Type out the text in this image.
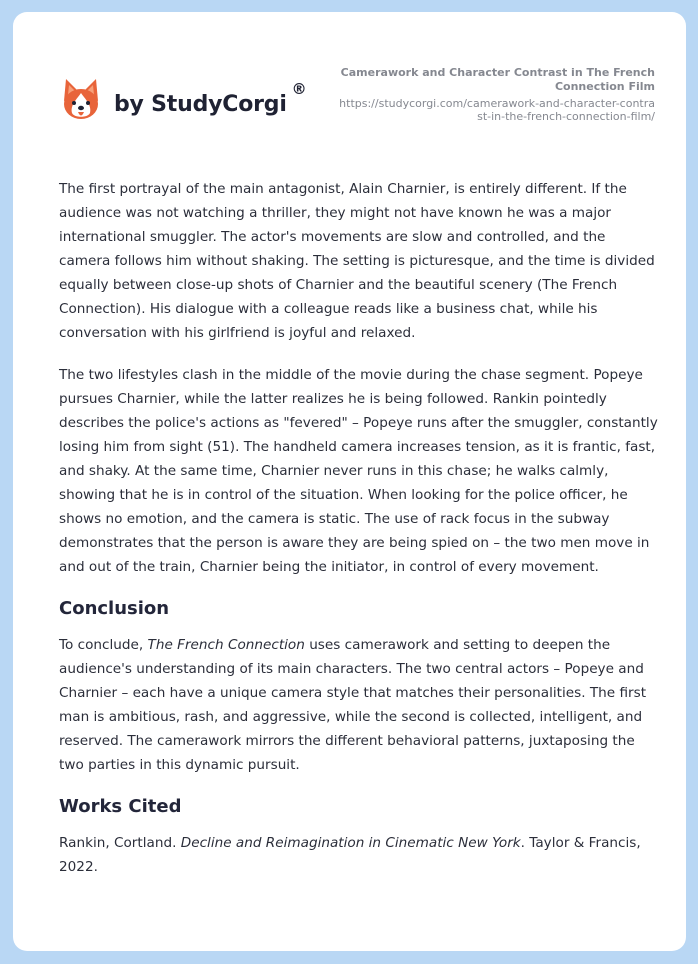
by StudyCorgi
®
Camerawork and Character Contrast in The French Connection Film
https://studycorgi.com/camerawork-and-character-contrast-in-the-french-connection-film/

The first portrayal of the main antagonist, Alain Charnier, is entirely different. If the audience was not watching a thriller, they might not have known he was a major international smuggler. The actor's movements are slow and controlled, and the camera follows him without shaking. The setting is picturesque, and the time is divided equally between close-up shots of Charnier and the beautiful scenery (The French Connection). His dialogue with a colleague reads like a business chat, while his conversation with his girlfriend is joyful and relaxed.

The two lifestyles clash in the middle of the movie during the chase segment. Popeye pursues Charnier, while the latter realizes he is being followed. Rankin pointedly describes the police's actions as "fevered" – Popeye runs after the smuggler, constantly losing him from sight (51). The handheld camera increases tension, as it is frantic, fast, and shaky. At the same time, Charnier never runs in this chase; he walks calmly, showing that he is in control of the situation. When looking for the police officer, he shows no emotion, and the camera is static. The use of rack focus in the subway demonstrates that the person is aware they are being spied on – the two men move in and out of the train, Charnier being the initiator, in control of every movement.

Conclusion

To conclude, The French Connection uses camerawork and setting to deepen the audience's understanding of its main characters. The two central actors – Popeye and Charnier – each have a unique camera style that matches their personalities. The first man is ambitious, rash, and aggressive, while the second is collected, intelligent, and reserved. The camerawork mirrors the different behavioral patterns, juxtaposing the two parties in this dynamic pursuit.

Works Cited

Rankin, Cortland. Decline and Reimagination in Cinematic New York. Taylor & Francis, 2022.
